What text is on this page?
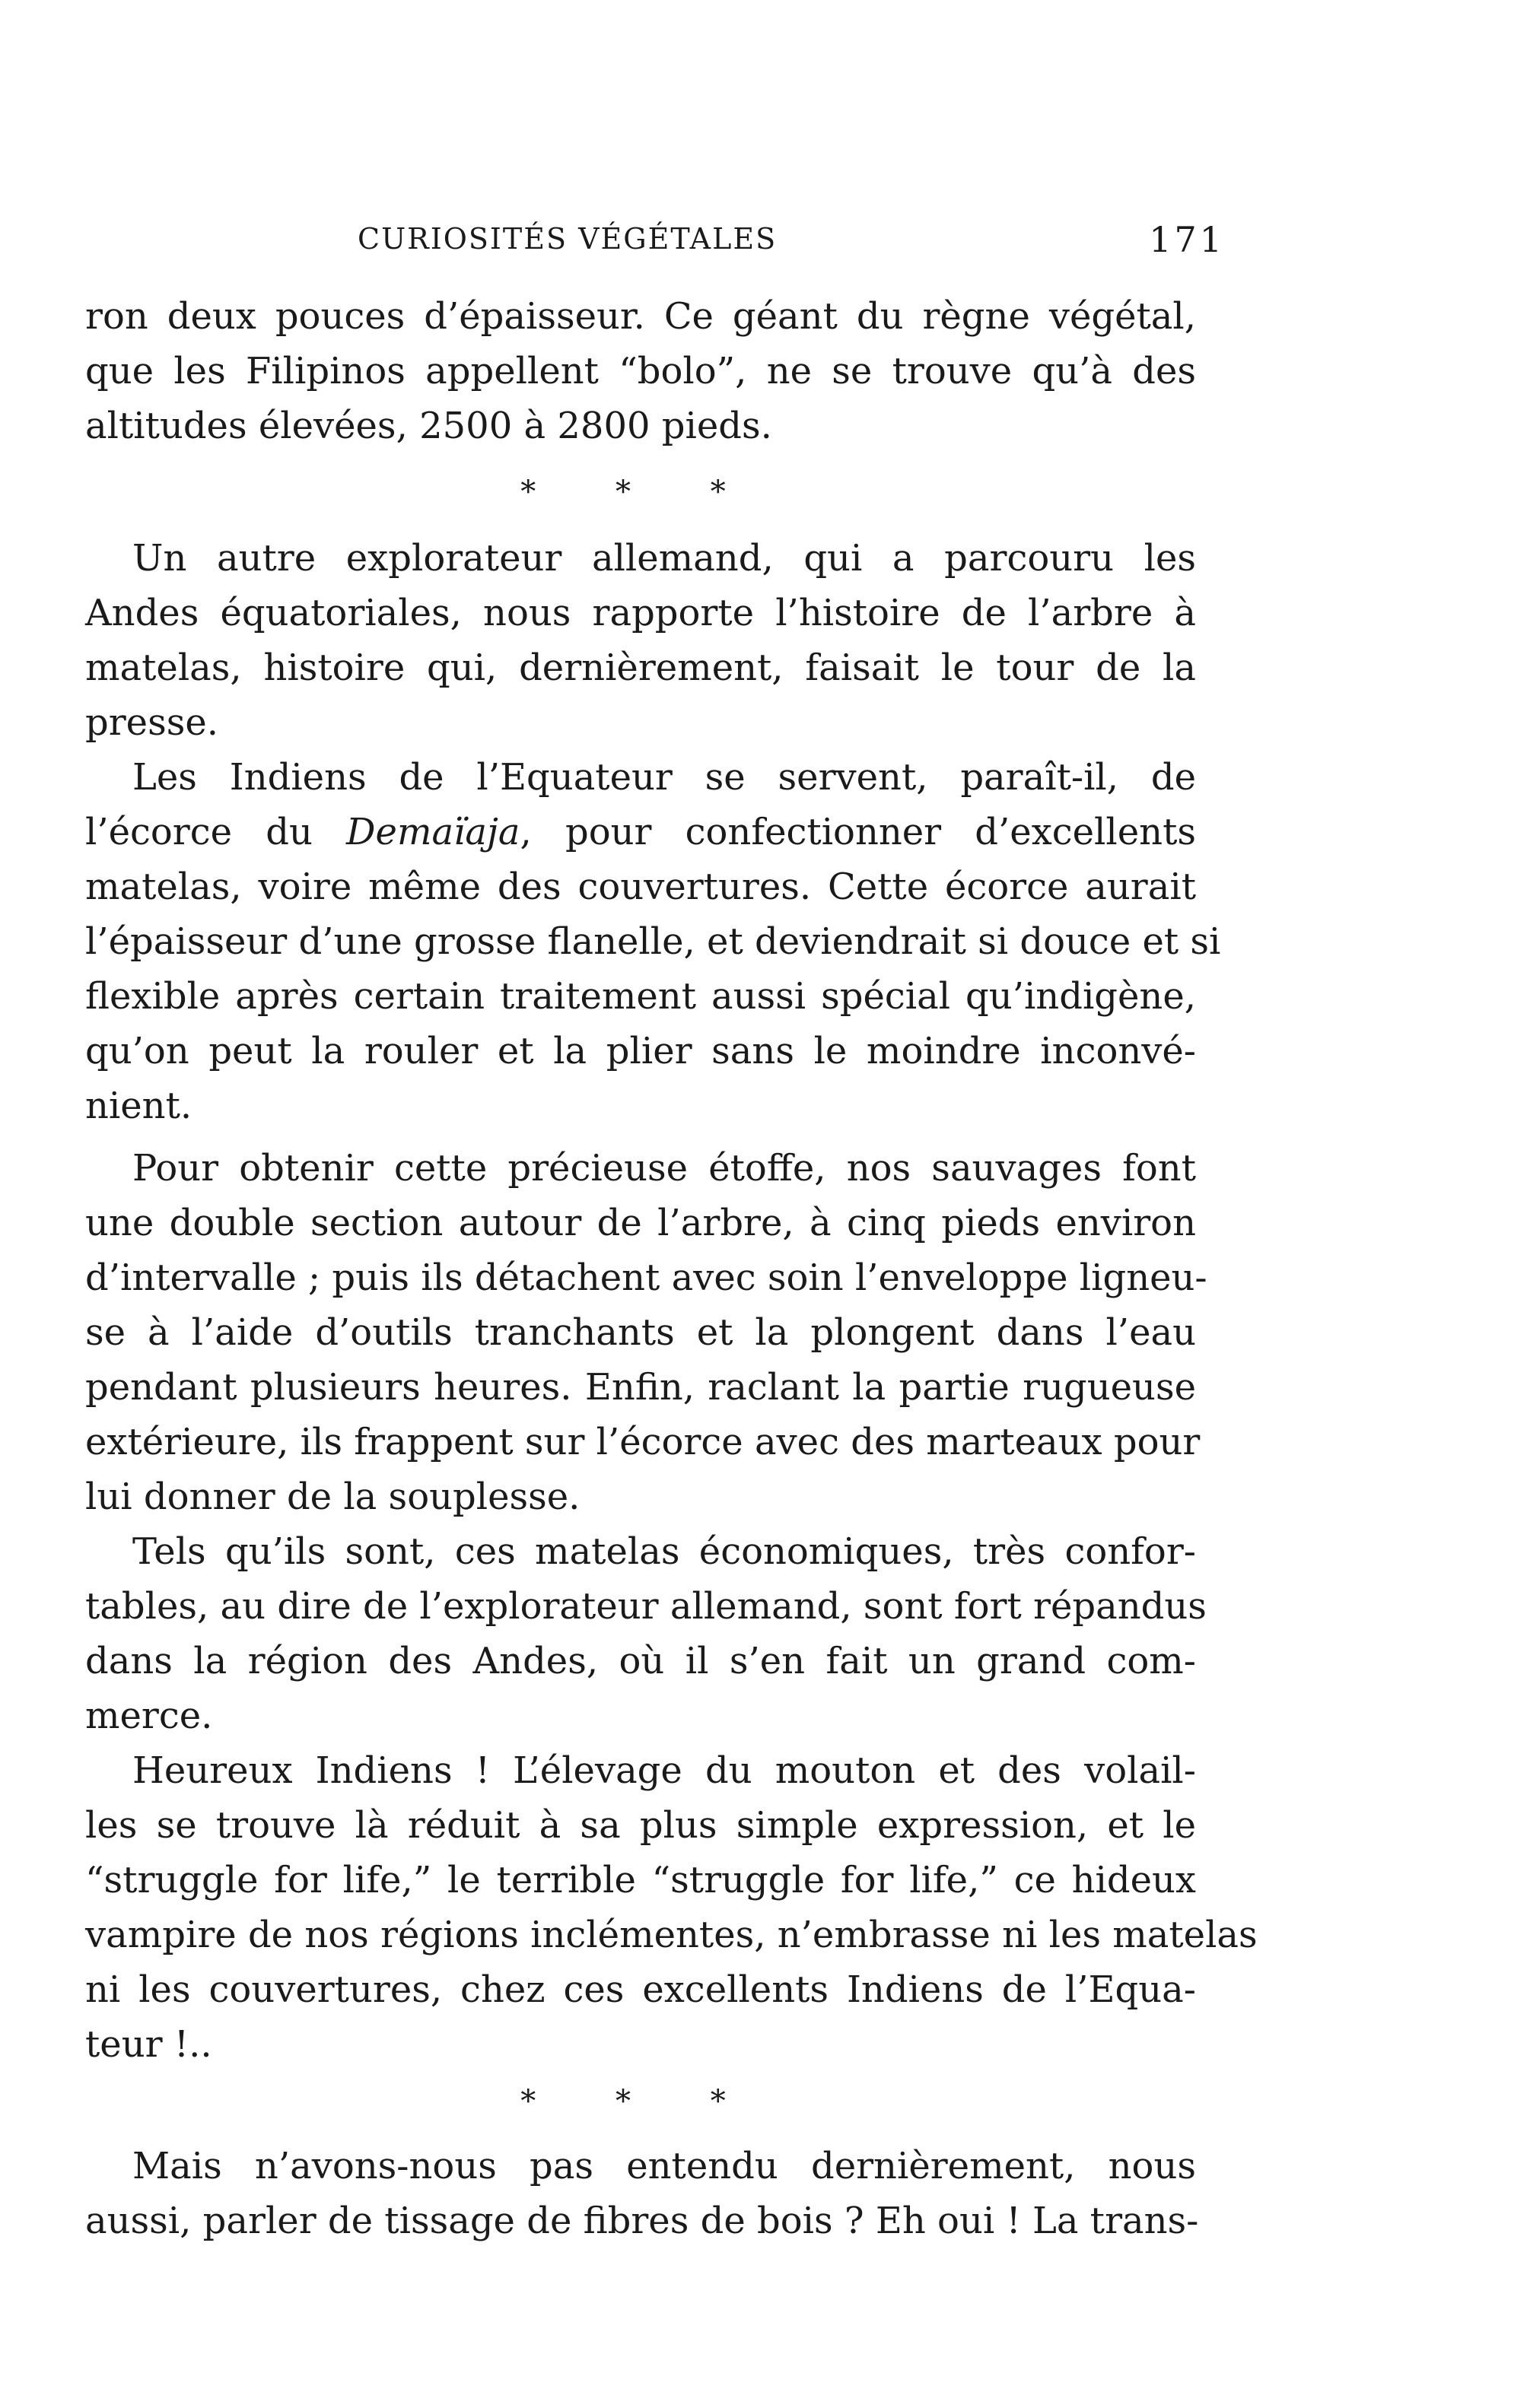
CURIOSITÉS VÉGÉTALES	171
ron deux pouces d’épaisseur. Ce géant du règne végétal,
que les Filipinos appellent “bolo”, ne se trouve qu’à des
altitudes élevées, 2500 à 2800 pieds.
* * *
Un autre explorateur allemand, qui a parcouru les
Andes équatoriales, nous rapporte l’histoire de l’arbre à
matelas, histoire qui, dernièrement, faisait le tour de la
presse.
Les Indiens de l’Equateur se servent, paraît-il, de
l’écorce du Demaïaja, pour confectionner d’excellents
matelas, voire même des couvertures. Cette écorce aurait
l’épaisseur d’une grosse flanelle, et deviendrait si douce et si
flexible après certain traitement aussi spécial qu’indigène,
qu’on peut la rouler et la plier sans le moindre inconvé-
nient.
Pour obtenir cette précieuse étoffe, nos sauvages font
une double section autour de l’arbre, à cinq pieds environ
d’intervalle ; puis ils détachent avec soin l’enveloppe ligneu-
se à l’aide d’outils tranchants et la plongent dans l’eau
pendant plusieurs heures. Enfin, raclant la partie rugueuse
extérieure, ils frappent sur l’écorce avec des marteaux pour
lui donner de la souplesse.
Tels qu’ils sont, ces matelas économiques, très confor-
tables, au dire de l’explorateur allemand, sont fort répandus
dans la région des Andes, où il s’en fait un grand com-
merce.
Heureux Indiens ! L’élevage du mouton et des volail-
les se trouve là réduit à sa plus simple expression, et le
“struggle for life,” le terrible “struggle for life,” ce hideux
vampire de nos régions inclémentes, n’embrasse ni les matelas
ni les couvertures, chez ces excellents Indiens de l’Equa-
teur !..
* * *
Mais n’avons-nous pas entendu dernièrement, nous
aussi, parler de tissage de fibres de bois ? Eh oui ! La trans-
